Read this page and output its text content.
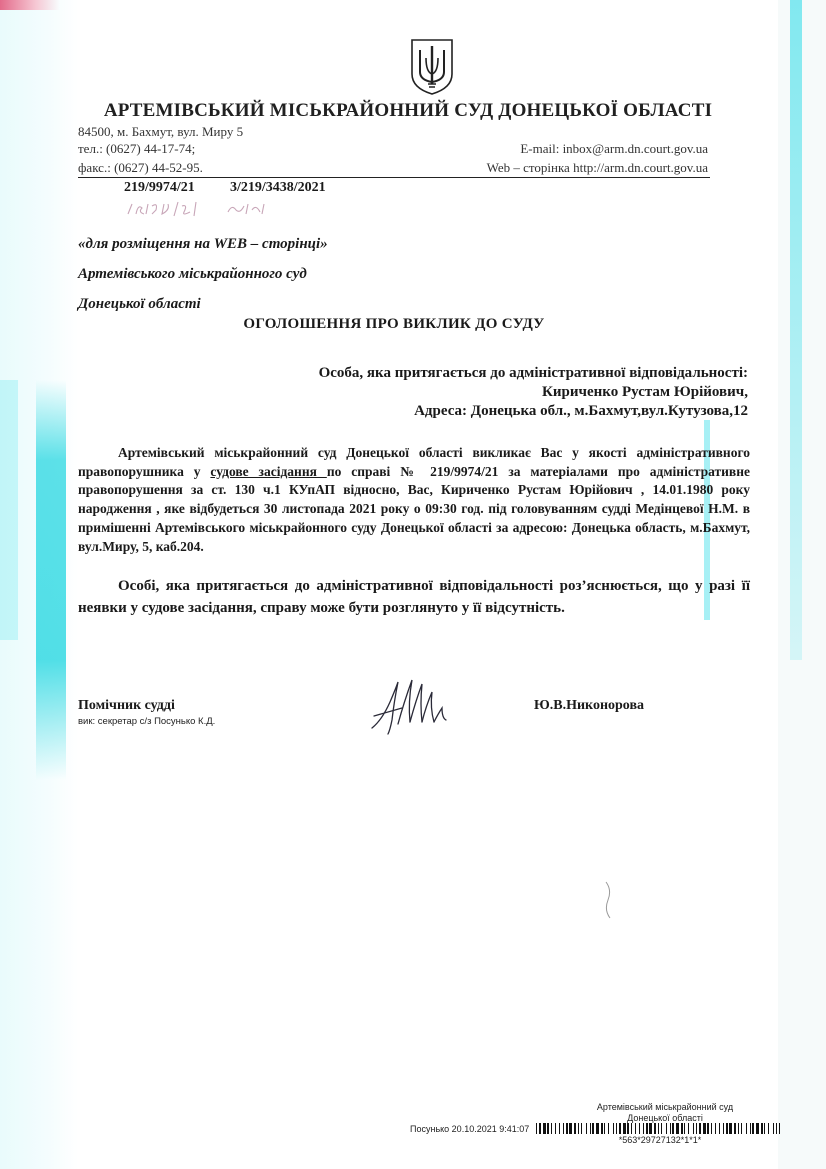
АРТЕМІВСЬКИЙ МІСЬКРАЙОННИЙ СУД ДОНЕЦЬКОЇ ОБЛАСТІ
84500, м. Бахмут, вул. Миру 5
тел.: (0627) 44-17-74;
факс.: (0627) 44-52-95.
E-mail: inbox@arm.dn.court.gov.ua
Web – сторінка http://arm.dn.court.gov.ua
219/9974/21	3/219/3438/2021
«для розміщення на WEB – сторінці»
Артемівського міськрайонного суд
Донецької області
ОГОЛОШЕННЯ ПРО ВИКЛИК ДО СУДУ
Особа, яка притягається до адміністративної відповідальності:
Кириченко Рустам Юрійович,
Адреса: Донецька обл., м.Бахмут,вул.Кутузова,12
Артемівський міськрайонний суд Донецької області викликає Вас у якості адміністративного правопорушника у судове засідання по справі № 219/9974/21 за матеріалами про адміністративне правопорушення за ст. 130 ч.1 КУпАП відносно, Вас, Кириченко Рустам Юрійович , 14.01.1980 року народження , яке відбудеться 30 листопада 2021 року о 09:30 год. під головуванням судді Медінцевої Н.М. в примішенні Артемівського міськрайонного суду Донецької області за адресою: Донецька область, м.Бахмут, вул.Миру, 5, каб.204.
Особі, яка притягається до адміністративної відповідальності роз’яснюється, що у разі її неявки у судове засідання, справу може бути розглянуто у її відсутність.
Помічник судді
вик: секретар с/з Посунько К.Д.
Ю.В.Никонорова
Артемівський міськрайонний суд
Донецької області
Посунько 20.10.2021 9:41:07
*563*29727132*1*1*
